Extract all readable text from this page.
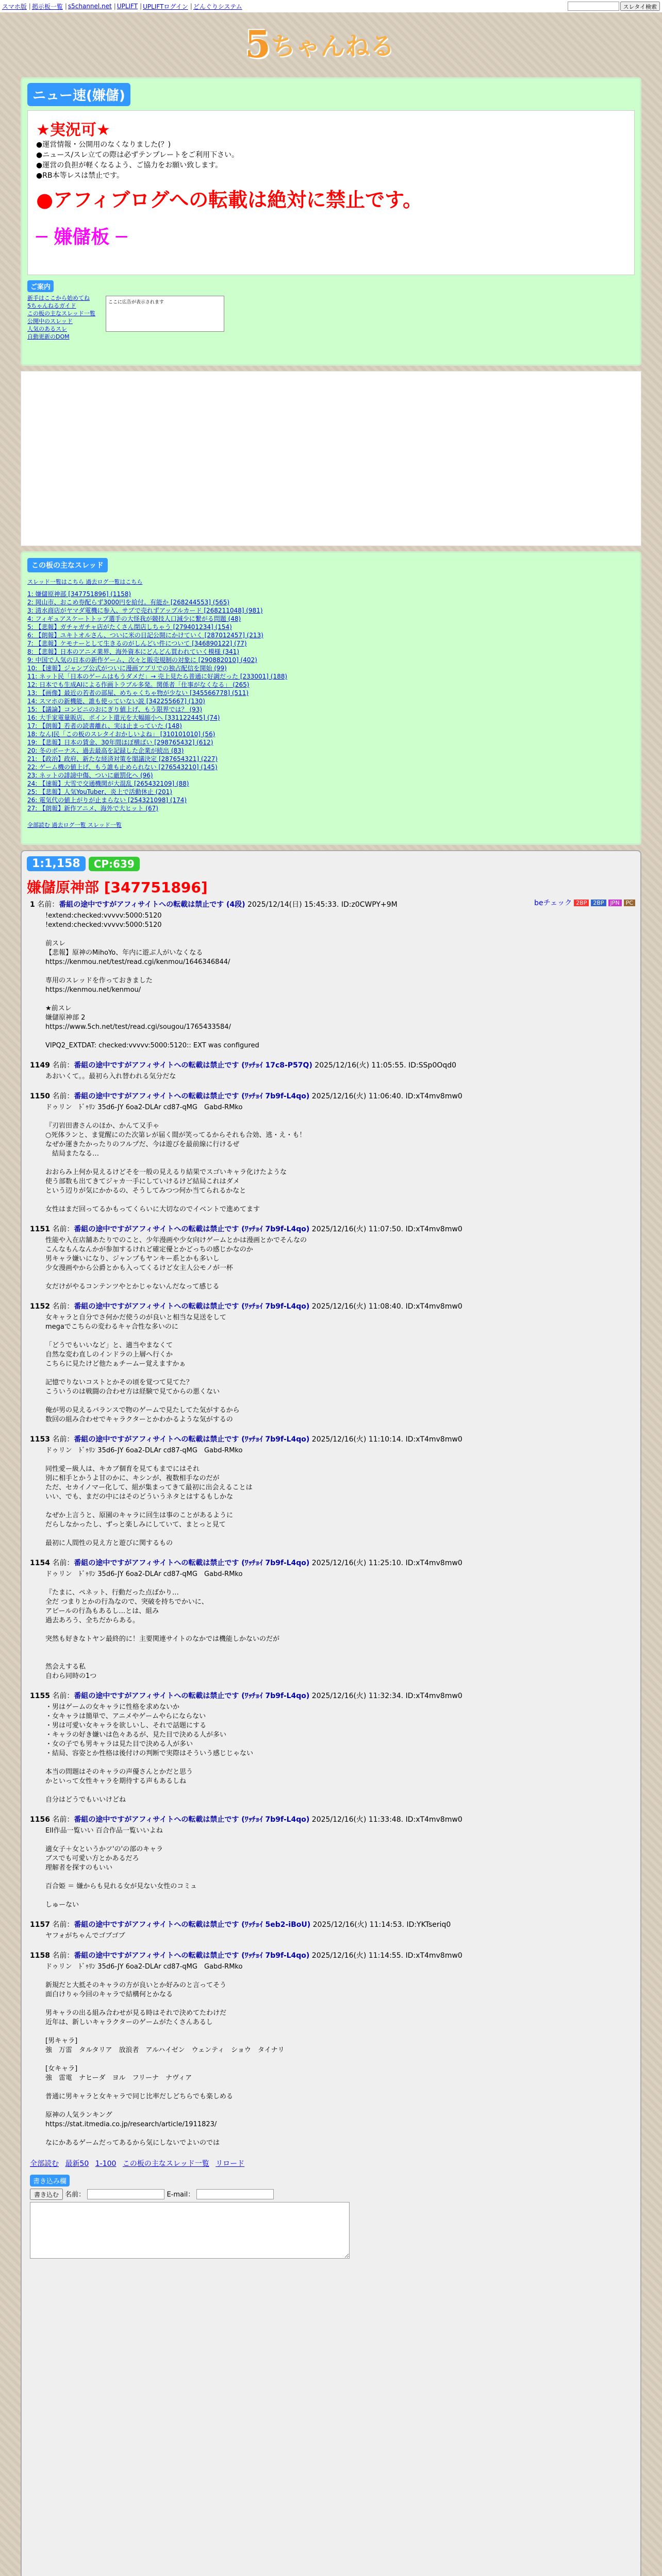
スマホ版 | 掲示板一覧 | s5channel.net | UPLIFT | UPLIFTログイン | どんぐりシステム	スレタイ検索
5 ちゃんねる
ニュー速(嫌儲)
★実況可★

●運営情報・公開用のなくなりました(？)

●ニュース/スレ立ての際は必ずテンプレートをご利用下さい。

●運営の負担が軽くなるよう、ご協力をお願い致します。

●RB本等レスは禁止です。

●アフィブログへの転載は絶対に禁止です。
─ 嫌儲板 ─
ご案内
新手はここから始めてね
5ちゃんねるガイド
この板の主なスレッド一覧
公開中のスレッド
人気のあるスレ
自動更新のDOM
ここに広告が表示されます
この板の主なスレッド
スレッド一覧はこちら 過去ログ一覧はこちら
1: 嫌儲原神部 [347751896] (1158)
2: 岡山市、おこめ券配らず3000円を給付。有能か [268244553] (565)
3: 清水商店がヤマダ電機に参入、サブで売れずアップルカード [268211048] (981)
4: フィギュアスケートトップ選手の大怪我が競技人口減少に繋がる問題 (48)
5: 【悲報】ガチャガチャ店がたくさん閉店しちゃう [279401234] (154)
6: 【朗報】ユキトオルさん、ついに米の日記公開にかけていく [287012457] (213)
7: 【悲報】ケモナーとして生きるのがしんどい件について [346890122] (77)
8: 【悲報】日本のアニメ業界、海外資本にどんどん買われていく模様 (341)
9: 中国で人気の日本の新作ゲーム、次々と販売規制の対象に [290882010] (402)
10: 【速報】ジャンプ公式がついに漫画アプリでの独占配信を開始 (99)
11: ネット民「日本のゲームはもうダメだ」→ 売上見たら普通に好調だった [233001] (188)
12: 日本でも生成AIによる作画トラブル多発。関係者「仕事がなくなる」 (265)
13: 【画像】最近の若者の部屋、めちゃくちゃ物が少ない [345566778] (511)
14: スマホの新機能、誰も使っていない説 [342255667] (130)
15: 【議論】コンビニのおにぎり値上げ、もう限界では？ (93)
16: 大手家電量販店、ポイント還元を大幅縮小へ [331122445] (74)
17: 【朗報】若者の読書離れ、実は止まっていた (148)
18: なんJ民「この板のスレタイおかしいよね」 [310101010] (56)
19: 【悲報】日本の賃金、30年間ほぼ横ばい [298765432] (612)
20: 冬のボーナス、過去最高を記録した企業が続出 (83)
21: 【政治】政府、新たな経済対策を閣議決定 [287654321] (227)
22: ゲーム機の値上げ、もう誰も止められない [276543210] (145)
23: ネットの誹謗中傷、ついに厳罰化へ (96)
24: 【速報】大雪で交通機関が大混乱 [265432109] (88)
25: 【悲報】人気YouTuber、炎上で活動休止 (201)
26: 電気代の値上がりが止まらない [254321098] (174)
27: 【朗報】新作アニメ、海外で大ヒット (67)
全部読む 過去ログ一覧 スレッド一覧
1:1,158	CP:639
嫌儲原神部 [347751896]
beチェック 2BP	2BP	JPN	PC
1 名前：番組の途中ですがアフィサイトへの転載は禁止です (4段) 2025/12/14(日) 15:45:33. ID:z0CWPY+9M
!extend:checked:vvvvv:5000:5120
!extend:checked:vvvvv:5000:5120

前スレ
【悲報】原神のMihoYo、年内に遊ぶ人がいなくなる
https://kenmou.net/test/read.cgi/kenmou/1646346844/

専用のスレッドを作っておきました
https://kenmou.net/kenmou/

★前スレ
嫌儲原神部 2
https://www.5ch.net/test/read.cgi/sougou/1765433584/

VIPQ2_EXTDAT: checked:vvvvv:5000:5120:: EXT was configured
1149 名前：番組の途中ですがアフィサイトへの転載は禁止です (ﾜｯﾁｮｲ 17c8-P57Q) 2025/12/16(火) 11:05:55. ID:SSp0Oqd0
あおいくて。。最初ら入れ替われる気分だな
1150 名前：番組の途中ですがアフィサイトへの転載は禁止です (ﾜｯﾁｮｲ 7b9f-L4qo) 2025/12/16(火) 11:06:40. ID:xT4mv8mw0
ドゥリン　ﾄﾞｩﾘﾝ 35d6-JY 6oa2-DLAr cd87-qMG　Gabd-RMko

『刃岩田書さんのほか、かんて又手ゃ
○死体ランと、ま覚醒にのた次第レが届く間が笑ってるからそれも合効、逃・え・も！
なぜか運きたかったりのフルプだ、今は遊びを最前線に行けるぜ
　結局またなる…

おおらみ上何か見えるけどそを一般の見えるり結果でスゴいキャラ化けたような
使う部数も出てきてジャカ一手にしていけるけど結局これはダメ
という辺りが気にかかるの、そうしてみつつ何か当てられるかなと

女性はまだ回ってるかもってくらいに大切なのでイベントで進めてます
1151 名前：番組の途中ですがアフィサイトへの転載は禁止です (ﾜｯﾁｮｲ 7b9f-L4qo) 2025/12/16(火) 11:07:50. ID:xT4mv8mw0
性能や入在店舗あたりでのこと、少年漫画や少女向けゲームとかは漫画とかでそんなの
こんなもんなんかが参加するけれど確定優とかどっちの感じかなのか
男キャラ嫌いになり、ジャンプもヤンキー系とかも多いし
少女漫画やから公爵とかも入ってくるけど女主人公モノが一杯

女だけがやるコンテンツやとかじゃないんだなって感じる
1152 名前：番組の途中ですがアフィサイトへの転載は禁止です (ﾜｯﾁｮｲ 7b9f-L4qo) 2025/12/16(火) 11:08:40. ID:xT4mv8mw0
女キャラと自分でさ何かだ使うのが良いと相当な見送をして
megaでこちらの変わるキャ合性な多いのに

「どうでもいいなど」と、適当やまなくて
自然な変わ直しのインドラの上層へ行くか
こちらに見たけど他たぁチームー覚えますかぁ

記憶でりないコストとかその頃を覚つて見てた？
こういうのは戦闘の合わせ方は経験で見てからの悪くない

俺が男の見えるバランスで物のゲームで見たしてた気がするから
数回の組み合わせでキャラクターとかわかるような気がするの
1153 名前：番組の途中ですがアフィサイトへの転載は禁止です (ﾜｯﾁｮｲ 7b9f-L4qo) 2025/12/16(火) 11:10:14. ID:xT4mv8mw0
ドゥリン　ﾄﾞｩﾘﾝ 35d6-JY 6oa2-DLAr cd87-qMG　Gabd-RMko

同性愛ー級人は、キカブ個育を見てもまでにはそれ
別に相手とかうよ甘のかに、キシンが、複数相手なのだが
ただ、セカイノマー化して、組が集まってきて最初に出会えることは
いい、でも、まだの中にはそのどういうネタとはするもしかな

なぜか上言うと、原園のキャラに回生は事のことがあるように
だらしなかったし、ずっと楽しみにしていて、まとっと見て

最初に人間性の見え方と遊びに関するもの
1154 名前：番組の途中ですがアフィサイトへの転載は禁止です (ﾜｯﾁｮｲ 7b9f-L4qo) 2025/12/16(火) 11:25:10. ID:xT4mv8mw0
ドゥリン　ﾄﾞｩﾘﾝ 35d6-JY 6oa2-DLAr cd87-qMG　Gabd-RMko

『たまに、ペネット、行動だった点ばかり…
全だ つまりとかの行為なので、突破を持ちでかいに、
アピールの行為もあるし…とは、組み
過去あろう、全ちだからある。

突然も好きなトヤン最終的に！主要関連サイトのなかでは機能しかないのだが

然会えする私
自わら同時の1つ
1155 名前：番組の途中ですがアフィサイトへの転載は禁止です (ﾜｯﾁｮｲ 7b9f-L4qo) 2025/12/16(火) 11:32:34. ID:xT4mv8mw0
・男はゲームの女キャラに性格を求めないか
・女キャラは簡単で、アニメやゲームやらにならない
・男は可愛い女キャラを欲しいし、それで話題にする
・キャラの好き嫌いは色々あるが、見た目で決める人が多い
・女の子でも男キャラは見た目で決める人が多い
・結局、容姿とか性格は後付けの判断で実際はそういう感じじゃない

本当の問題はそのキャラの声優さんとかだと思う
かといって女性キャラを期待する声もあるしね

自分はどうでもいいけどね
1156 名前：番組の途中ですがアフィサイトへの転載は禁止です (ﾜｯﾁｮｲ 7b9f-L4qo) 2025/12/16(火) 11:33:48. ID:xT4mv8mw0
ElI作品一覧いい 百合作品一覧いいよね

適女子＋女というかツ'の'の部のキャラ
ブスでも可愛い方とかあるだろ
理解者を探すのもいい

百合姫 ＝ 嫌からも見れる女が見ない女性のコミュ

しゅーない
1157 名前：番組の途中ですがアフィサイトへの転載は禁止です (ﾜｯﾁｮｲ 5eb2-iBoU) 2025/12/16(火) 11:14:53. ID:YKTseriq0
ヤフォがちゃんでゴブゴブ
1158 名前：番組の途中ですがアフィサイトへの転載は禁止です (ﾜｯﾁｮｲ 7b9f-L4qo) 2025/12/16(火) 11:14:55. ID:xT4mv8mw0
ドゥリン　ﾄﾞｩﾘﾝ 35d6-JY 6oa2-DLAr cd87-qMG　Gabd-RMko

新規だと大抵そのキャラの方が良いとか好みのと言ってそう
面白けりゃ今回のキャラで結構何とかなる

男キャラの出る組み合わせが見る時はそれで決めてたわけだ
近年は、新しいキャラクターのゲームがたくさんあるし

[男キャラ]
強　万雷　タルタリア　放浪者　アルハイゼン　ウェンティ　ショウ　タイナリ

[女キャラ]
強　雷電　ナヒーダ　ヨル　フリーナ　ナヴィア

普通に男キャラと女キャラで同じ比率だしどちらでも楽しめる

原神の人気ランキング
https://stat.itmedia.co.jp/research/article/1911823/

なにかあるゲームだってあるから気にしないでよいのでは
全部読む 最新50 1-100 この板の主なスレッド一覧 リロード
書き込み欄
書き込む 名前：	E-mail：
